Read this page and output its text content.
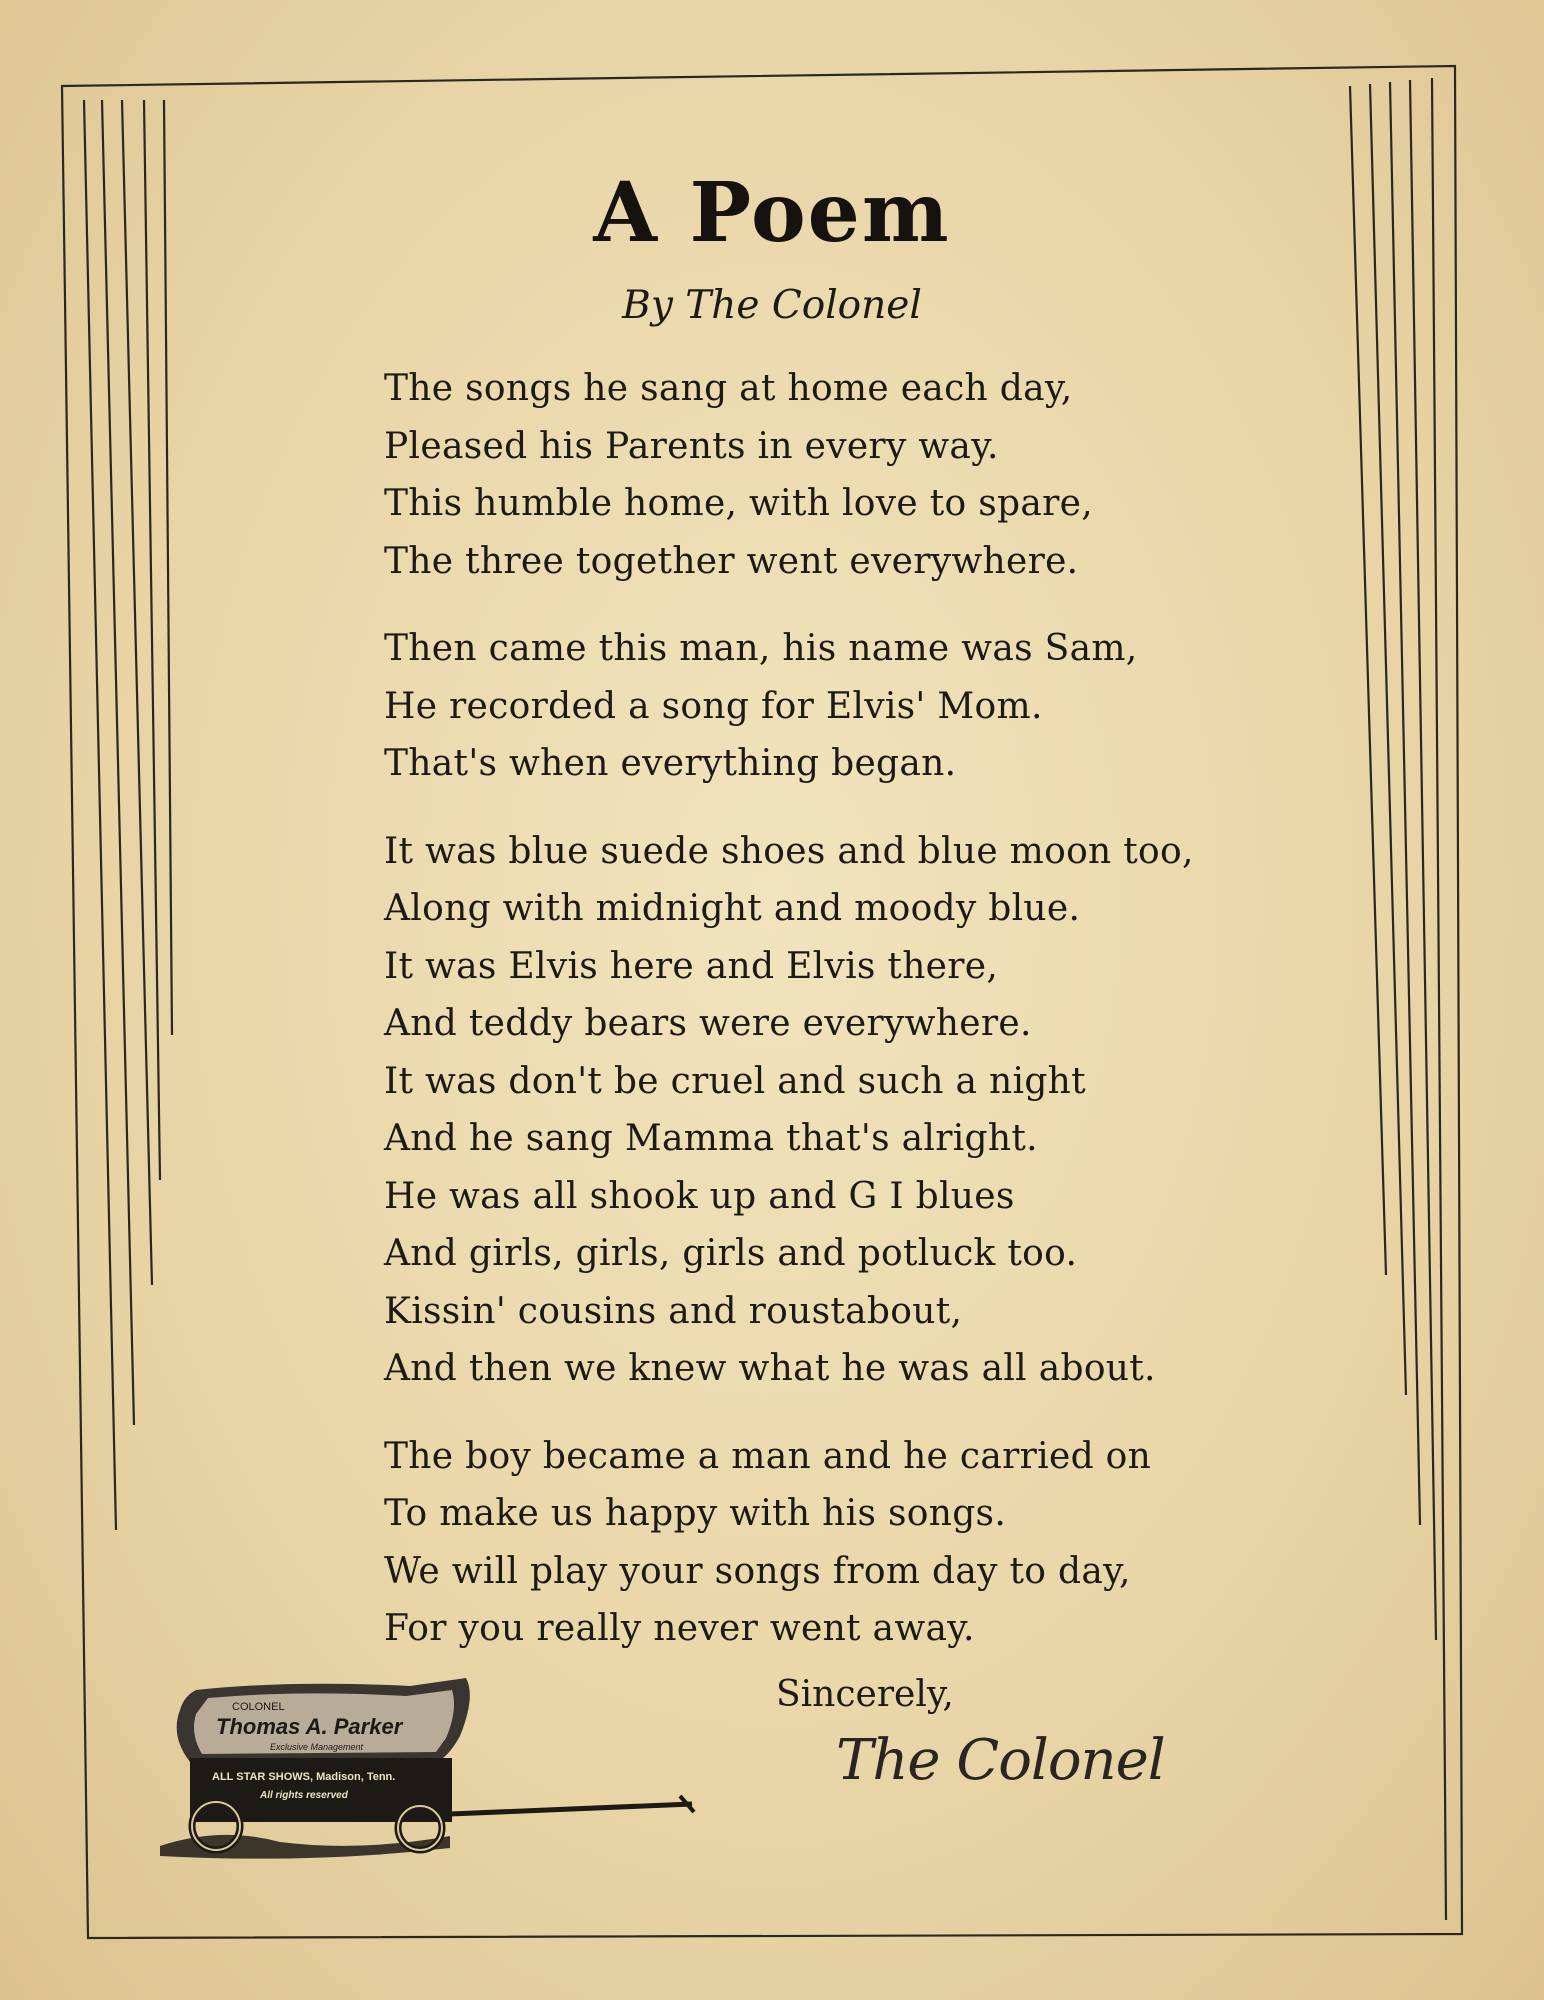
A Poem

By The Colonel

The songs he sang at home each day,
Pleased his Parents in every way.
This humble home, with love to spare,
The three together went everywhere.
Then came this man, his name was Sam,
He recorded a song for Elvis' Mom.
That's when everything began.
It was blue suede shoes and blue moon too,
Along with midnight and moody blue.
It was Elvis here and Elvis there,
And teddy bears were everywhere.
It was don't be cruel and such a night
And he sang Mamma that's alright.
He was all shook up and G I blues
And girls, girls, girls and potluck too.
Kissin' cousins and roustabout,
And then we knew what he was all about.
The boy became a man and he carried on
To make us happy with his songs.
We will play your songs from day to day,
For you really never went away.
Sincerely,
The Colonel
COLONEL
Thomas A. Parker
Exclusive Management
ALL STAR SHOWS, Madison, Tenn.
All rights reserved
